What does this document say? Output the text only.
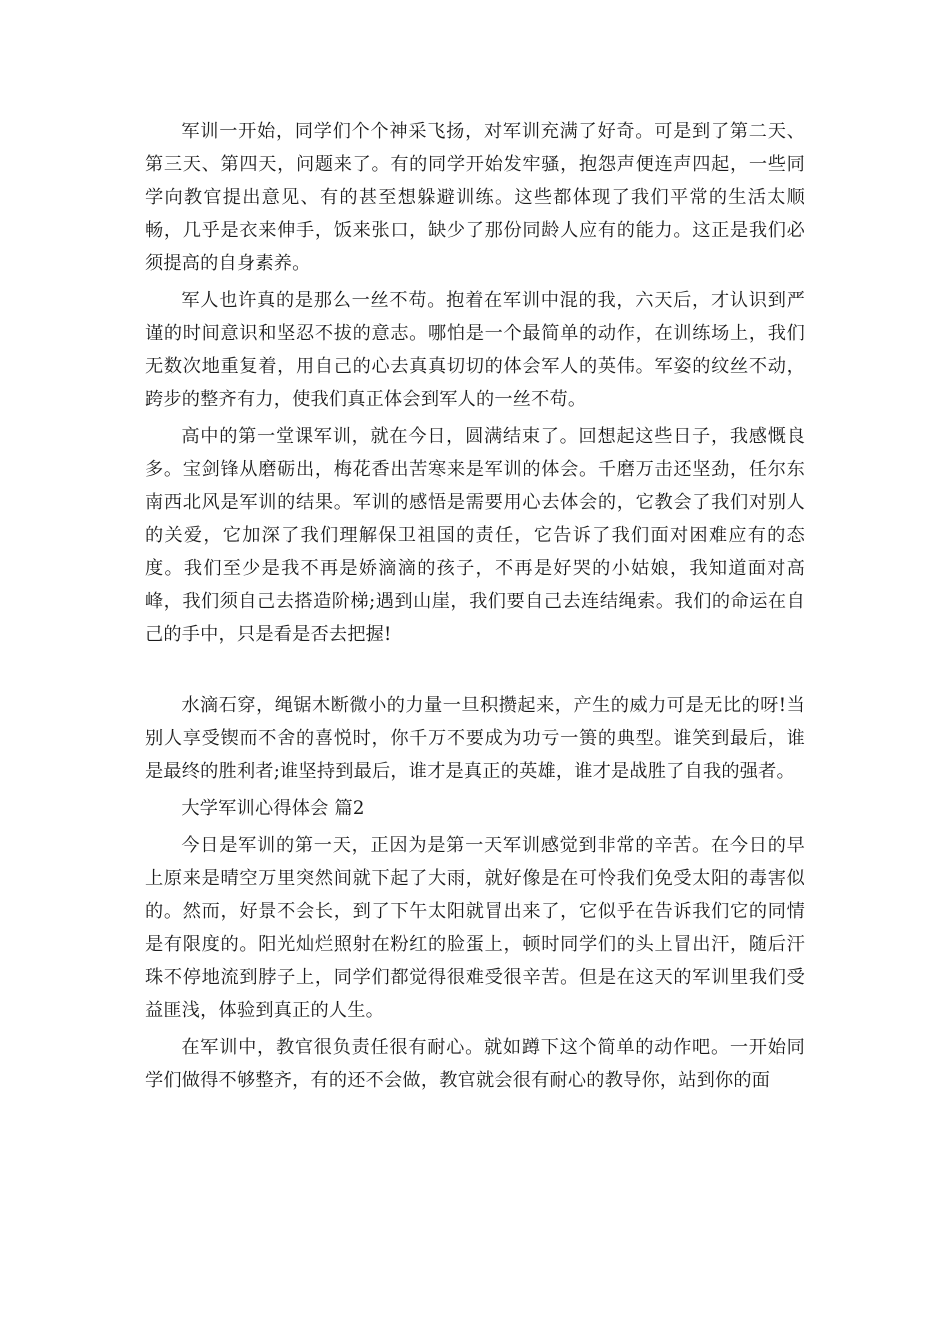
军训一开始，同学们个个神采飞扬，对军训充满了好奇。可是到了第二天、第三天、第四天，问题来了。有的同学开始发牢骚，抱怨声便连声四起，一些同学向教官提出意见、有的甚至想躲避训练。这些都体现了我们平常的生活太顺畅，几乎是衣来伸手，饭来张口，缺少了那份同龄人应有的能力。这正是我们必须提高的自身素养。

军人也许真的是那么一丝不苟。抱着在军训中混的我，六天后，才认识到严谨的时间意识和坚忍不拔的意志。哪怕是一个最简单的动作，在训练场上，我们无数次地重复着，用自己的心去真真切切的体会军人的英伟。军姿的纹丝不动，跨步的整齐有力，使我们真正体会到军人的一丝不苟。

高中的第一堂课军训，就在今日，圆满结束了。回想起这些日子，我感慨良多。宝剑锋从磨砺出，梅花香出苦寒来是军训的体会。千磨万击还坚劲，任尔东南西北风是军训的结果。军训的感悟是需要用心去体会的，它教会了我们对别人的关爱，它加深了我们理解保卫祖国的责任，它告诉了我们面对困难应有的态度。我们至少是我不再是娇滴滴的孩子，不再是好哭的小姑娘，我知道面对高峰，我们须自己去搭造阶梯;遇到山崖，我们要自己去连结绳索。我们的命运在自己的手中，只是看是否去把握!

水滴石穿，绳锯木断微小的力量一旦积攒起来，产生的威力可是无比的呀!当别人享受锲而不舍的喜悦时，你千万不要成为功亏一篑的典型。谁笑到最后，谁是最终的胜利者;谁坚持到最后，谁才是真正的英雄，谁才是战胜了自我的强者。

大学军训心得体会 篇2

今日是军训的第一天，正因为是第一天军训感觉到非常的辛苦。在今日的早上原来是晴空万里突然间就下起了大雨，就好像是在可怜我们免受太阳的毒害似的。然而，好景不会长，到了下午太阳就冒出来了，它似乎在告诉我们它的同情是有限度的。阳光灿烂照射在粉红的脸蛋上，顿时同学们的头上冒出汗，随后汗珠不停地流到脖子上，同学们都觉得很难受很辛苦。但是在这天的军训里我们受益匪浅，体验到真正的人生。

在军训中，教官很负责任很有耐心。就如蹲下这个简单的动作吧。一开始同学们做得不够整齐，有的还不会做，教官就会很有耐心的教导你，站到你的面
